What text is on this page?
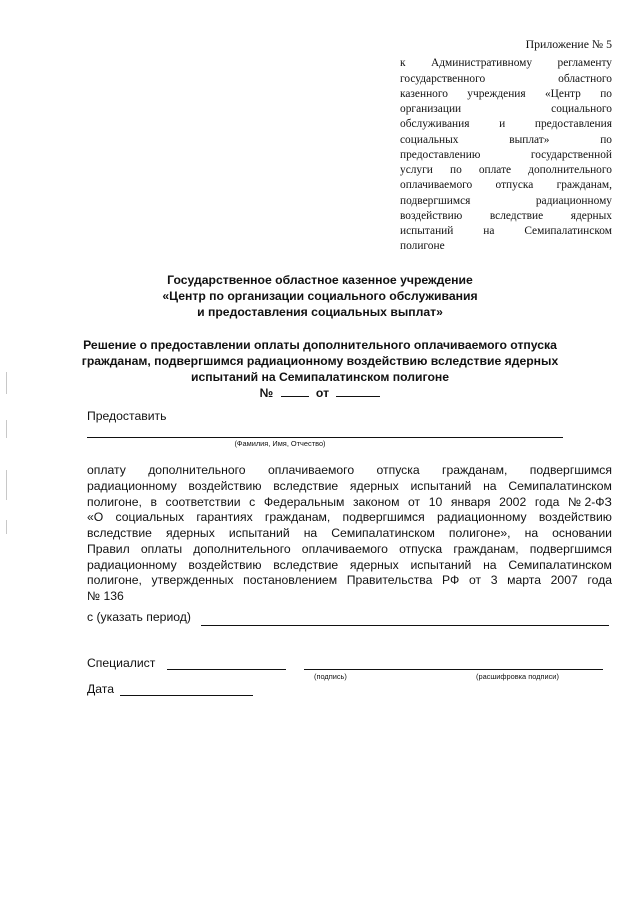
Приложение № 5
к Административному регламенту
государственного	областного
казенного учреждения «Центр по
организации	социального
обслуживания	и	предоставления
социальных	выплат»	по
предоставлению	государственной
услуги по оплате дополнительного
оплачиваемого отпуска гражданам,
подвергшимся	радиационному
воздействию вследствие ядерных
испытаний	на	Семипалатинском
полигоне
Государственное областное казенное учреждение
«Центр по организации социального обслуживания
и предоставления социальных выплат»
Решение о предоставлении оплаты дополнительного оплачиваемого отпуска
гражданам, подвергшимся радиационному воздействию вследствие ядерных
испытаний на Семипалатинском полигоне
№	от
Предоставить
(Фамилия, Имя, Отчество)
оплату дополнительного оплачиваемого отпуска гражданам, подвергшимся
радиационному воздействию вследствие ядерных испытаний на Семипалатинском
полигоне, в соответствии с Федеральным законом от 10 января 2002 года № 2-ФЗ
«О социальных гарантиях гражданам, подвергшимся радиационному воздействию
вследствие ядерных испытаний на Семипалатинском полигоне», на основании
Правил оплаты дополнительного оплачиваемого отпуска гражданам, подвергшимся
радиационному воздействию вследствие ядерных испытаний на Семипалатинском
полигоне, утвержденных постановлением Правительства РФ от 3 марта 2007 года
№ 136
с (указать период)
Специалист
(подпись)	(расшифровка подписи)
Дата
